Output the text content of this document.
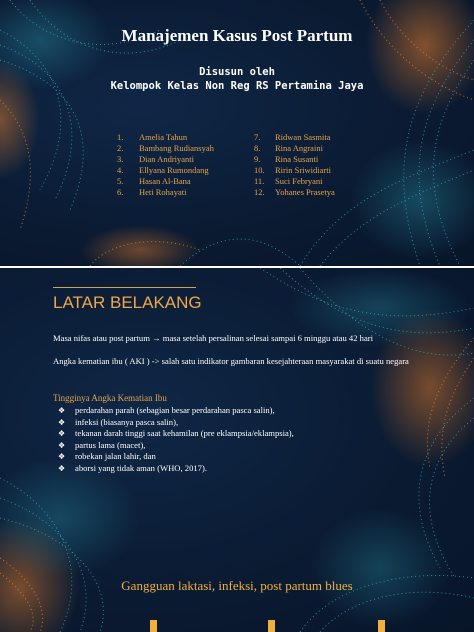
Manajemen Kasus Post Partum
Disusun oleh
Kelompok Kelas Non Reg RS Pertamina Jaya
1. Amelia Tahun
2. Bambang Rudiansyah
3. Dian Andriyanti
4. Ellyana Rumondang
5. Hasan Al-Bana
6. Heti Rohayati
7. Ridwan Sasmita
8. Rina Angraini
9. Rina Susanti
10. Ririn Sriwidiarti
11. Suci Febryani
12. Yohanes Prasetya
LATAR BELAKANG
Masa nifas atau post partum → masa setelah persalinan selesai sampai 6 minggu atau 42 hari
Angka kematian ibu ( AKI ) -> salah satu indikator gambaran kesejahteraan masyarakat di suatu negara
Tingginya Angka Kematian Ibu
❖ perdarahan parah (sebagian besar perdarahan pasca salin),
❖ infeksi (biasanya pasca salin),
❖ tekanan darah tinggi saat kehamilan (pre eklampsia/eklampsia),
❖ partus lama (macet),
❖ robekan jalan lahir, dan
❖ aborsi yang tidak aman (WHO, 2017).
Gangguan laktasi, infeksi, post partum blues
